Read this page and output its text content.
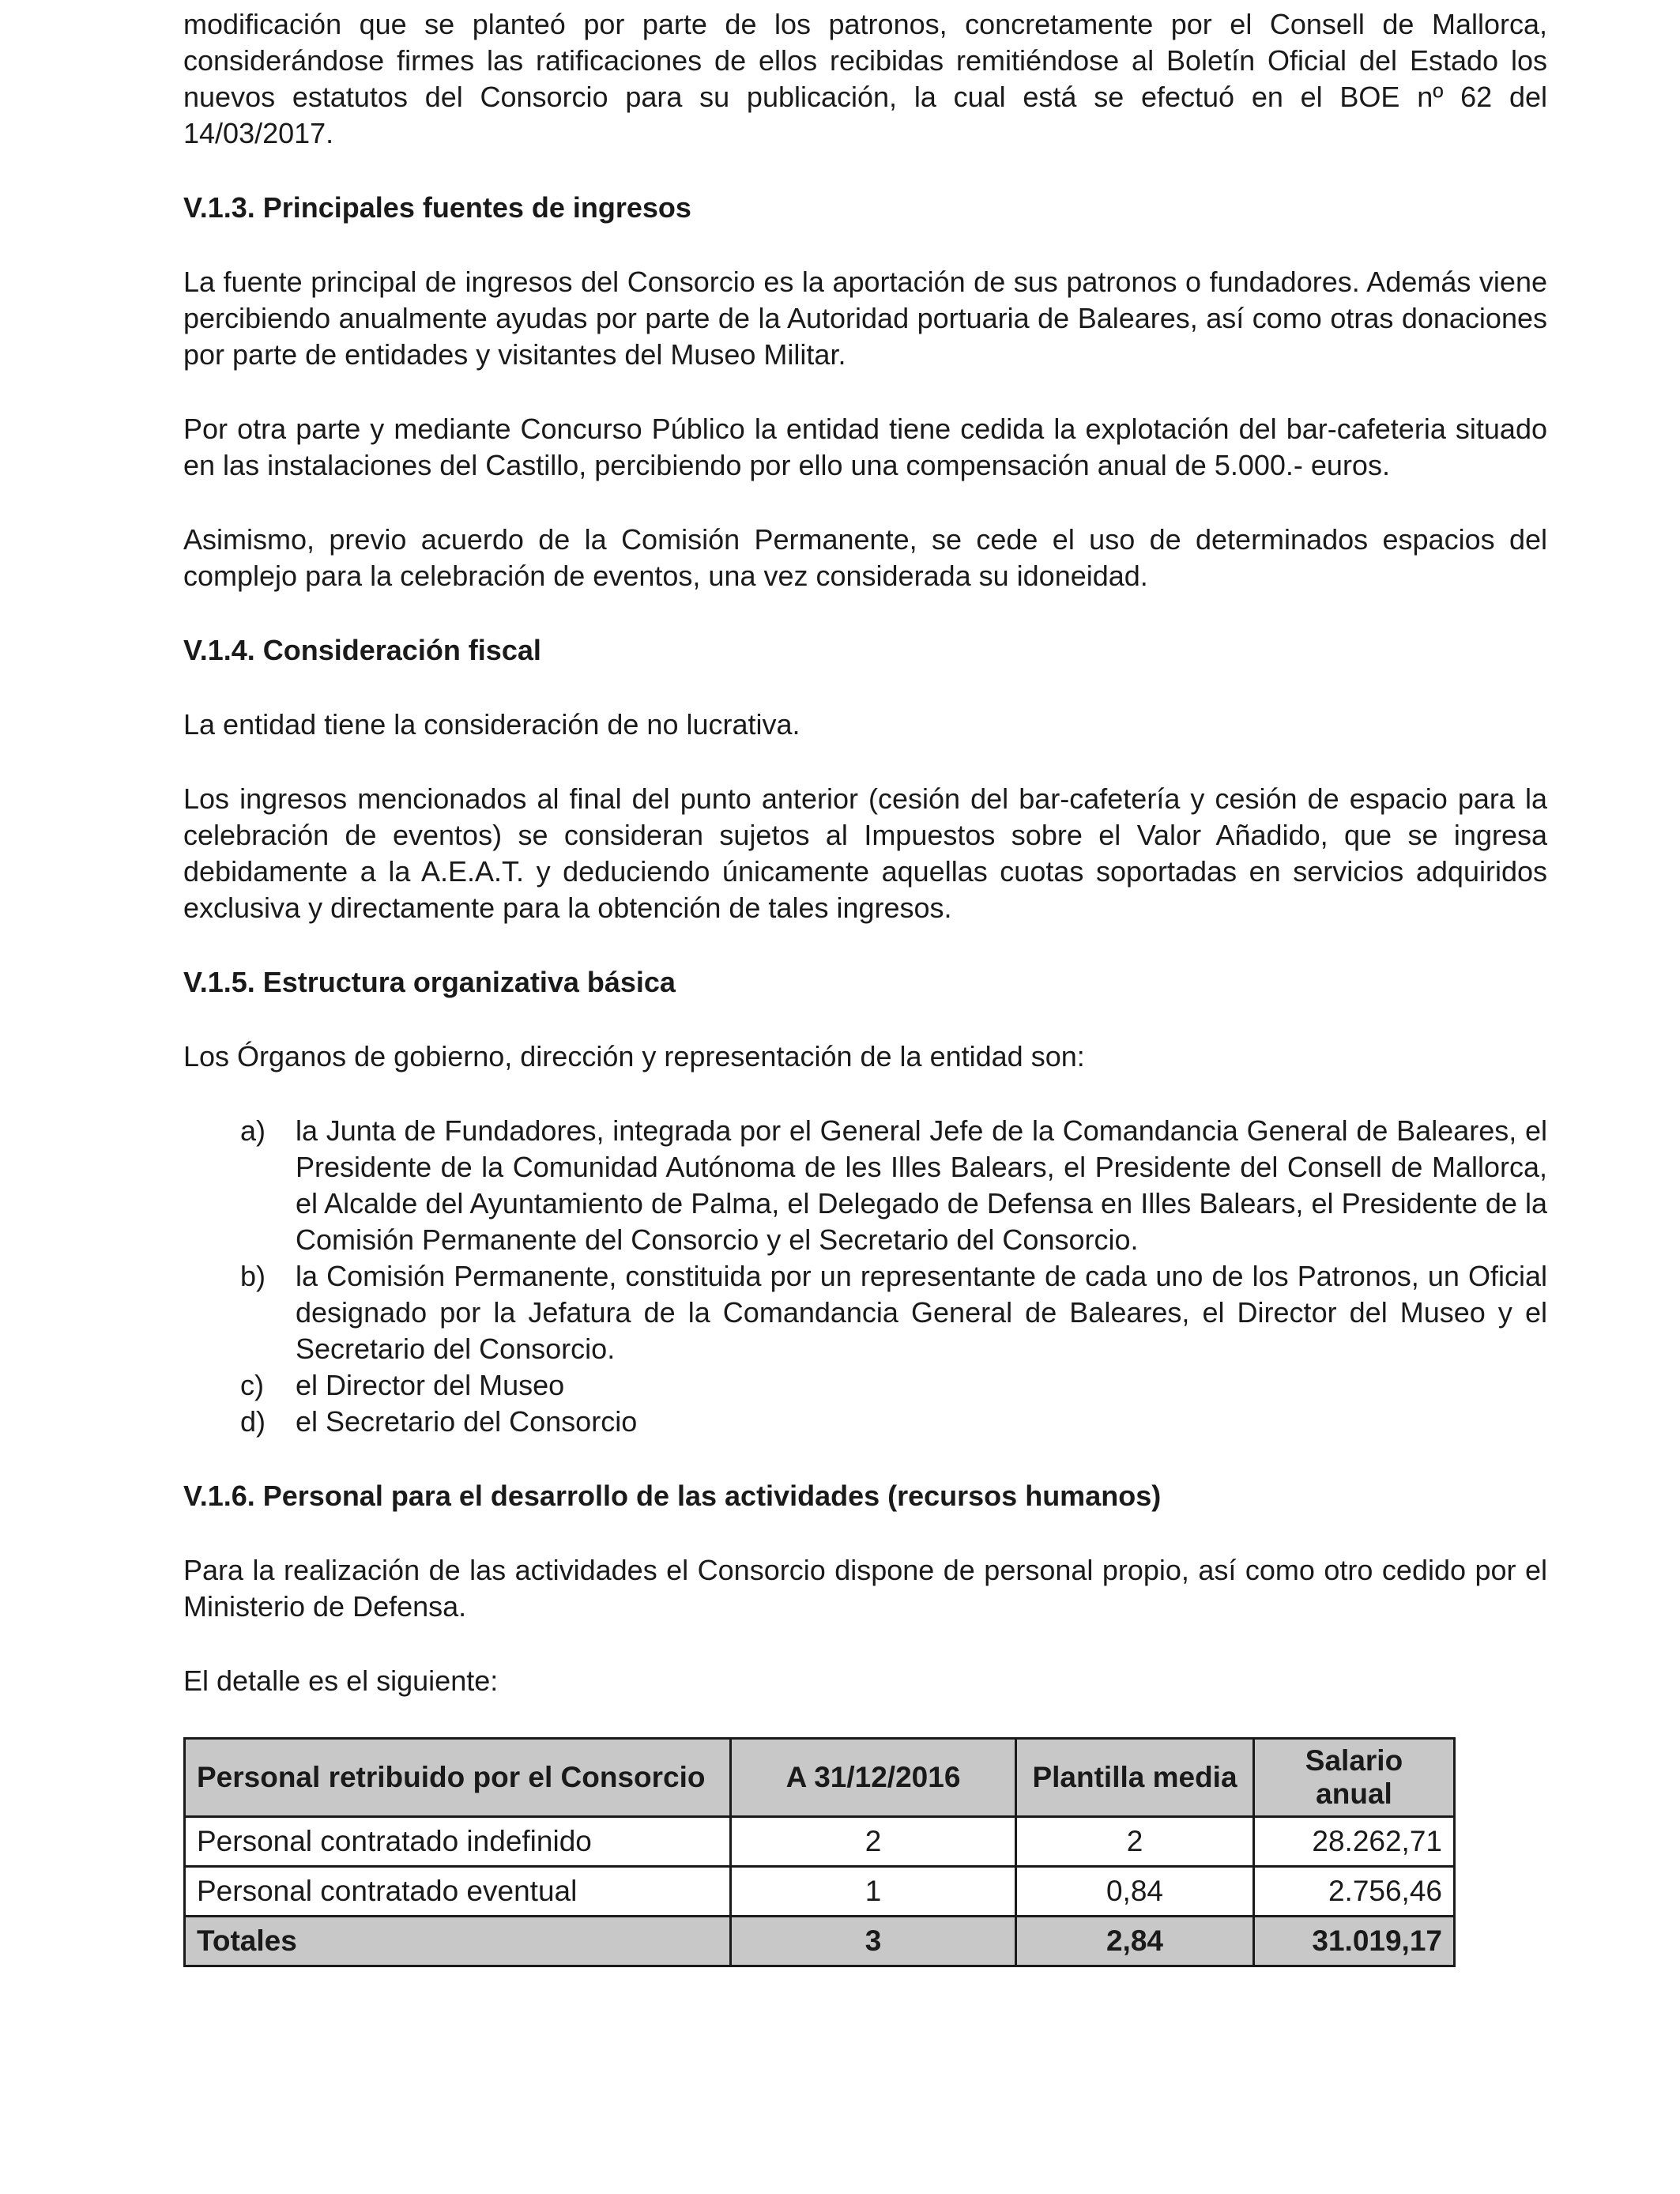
modificación que se planteó por parte de los patronos, concretamente por el Consell de Mallorca, considerándose firmes las ratificaciones de ellos recibidas remitiéndose al Boletín Oficial del Estado los nuevos estatutos del Consorcio para su publicación, la cual está se efectuó en el BOE nº 62 del 14/03/2017.

V.1.3. Principales fuentes de ingresos

La fuente principal de ingresos del Consorcio es la aportación de sus patronos o fundadores. Además viene percibiendo anualmente ayudas por parte de la Autoridad portuaria de Baleares, así como otras donaciones por parte de entidades y visitantes del Museo Militar.

Por otra parte y mediante Concurso Público la entidad tiene cedida la explotación del bar-cafeteria situado en las instalaciones del Castillo, percibiendo por ello una compensación anual de 5.000.- euros.

Asimismo, previo acuerdo de la Comisión Permanente, se cede el uso de determinados espacios del complejo para la celebración de eventos, una vez considerada su idoneidad.

V.1.4. Consideración fiscal

La entidad tiene la consideración de no lucrativa.

Los ingresos mencionados al final del punto anterior (cesión del bar-cafetería y cesión de espacio para la celebración de eventos) se consideran sujetos al Impuestos sobre el Valor Añadido, que se ingresa debidamente a la A.E.A.T. y deduciendo únicamente aquellas cuotas soportadas en servicios adquiridos exclusiva y directamente para la obtención de tales ingresos.

V.1.5. Estructura organizativa básica

Los Órganos de gobierno, dirección y representación de la entidad son:

a) la Junta de Fundadores, integrada por el General Jefe de la Comandancia General de Baleares, el Presidente de la Comunidad Autónoma de les Illes Balears, el Presidente del Consell de Mallorca, el Alcalde del Ayuntamiento de Palma, el Delegado de Defensa en Illes Balears, el Presidente de la Comisión Permanente del Consorcio y el Secretario del Consorcio.
b) la Comisión Permanente, constituida por un representante de cada uno de los Patronos, un Oficial designado por la Jefatura de la Comandancia General de Baleares, el Director del Museo y el Secretario del Consorcio.
c) el Director del Museo
d) el Secretario del Consorcio
V.1.6. Personal para el desarrollo de las actividades (recursos humanos)

Para la realización de las actividades el Consorcio dispone de personal propio, así como otro cedido por el Ministerio de Defensa.

El detalle es el siguiente:

Personal retribuido por el Consorcio	A 31/12/2016	Plantilla media	Salario anual
Personal contratado indefinido	2	2	28.262,71
Personal contratado eventual	1	0,84	2.756,46
Totales	3	2,84	31.019,17
